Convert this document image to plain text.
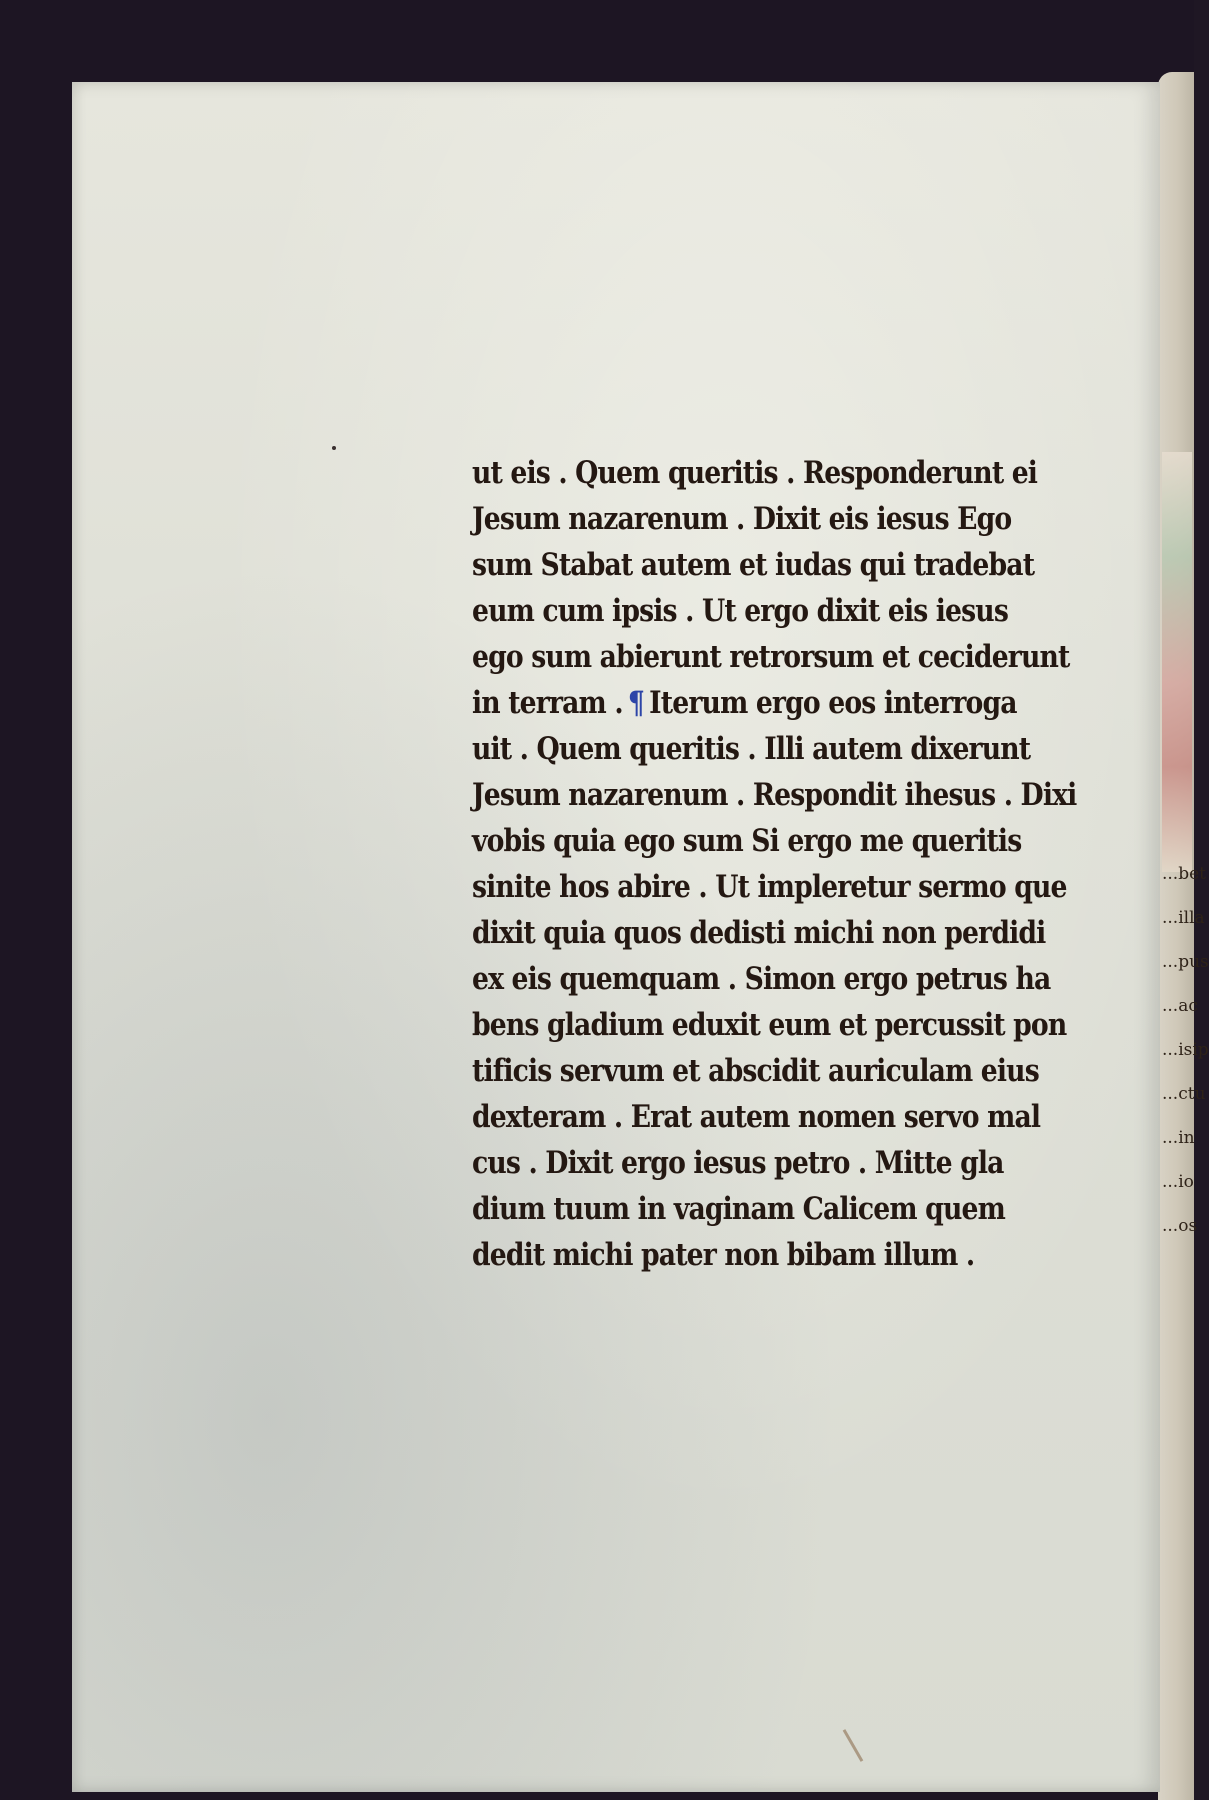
...bet
...illa
...pus
...ac
...isip
...ctu
...in
...io
...os
ut eis . Quem queritis . Responderunt ei
Jesum nazarenum . Dixit eis iesus Ego
sum Stabat autem et iudas qui tradebat
eum cum ipsis . Ut ergo dixit eis iesus
ego sum abierunt retrorsum et ceciderunt
in terram . ¶ Iterum ergo eos interroga
uit . Quem queritis . Illi autem dixerunt
Jesum nazarenum . Respondit ihesus . Dixi
vobis quia ego sum Si ergo me queritis
sinite hos abire . Ut impleretur sermo que
dixit quia quos dedisti michi non perdidi
ex eis quemquam . Simon ergo petrus ha
bens gladium eduxit eum et percussit pon
tificis servum et abscidit auriculam eius
dexteram . Erat autem nomen servo mal
cus . Dixit ergo iesus petro . Mitte gla
dium tuum in vaginam Calicem quem
dedit michi pater non bibam illum .
